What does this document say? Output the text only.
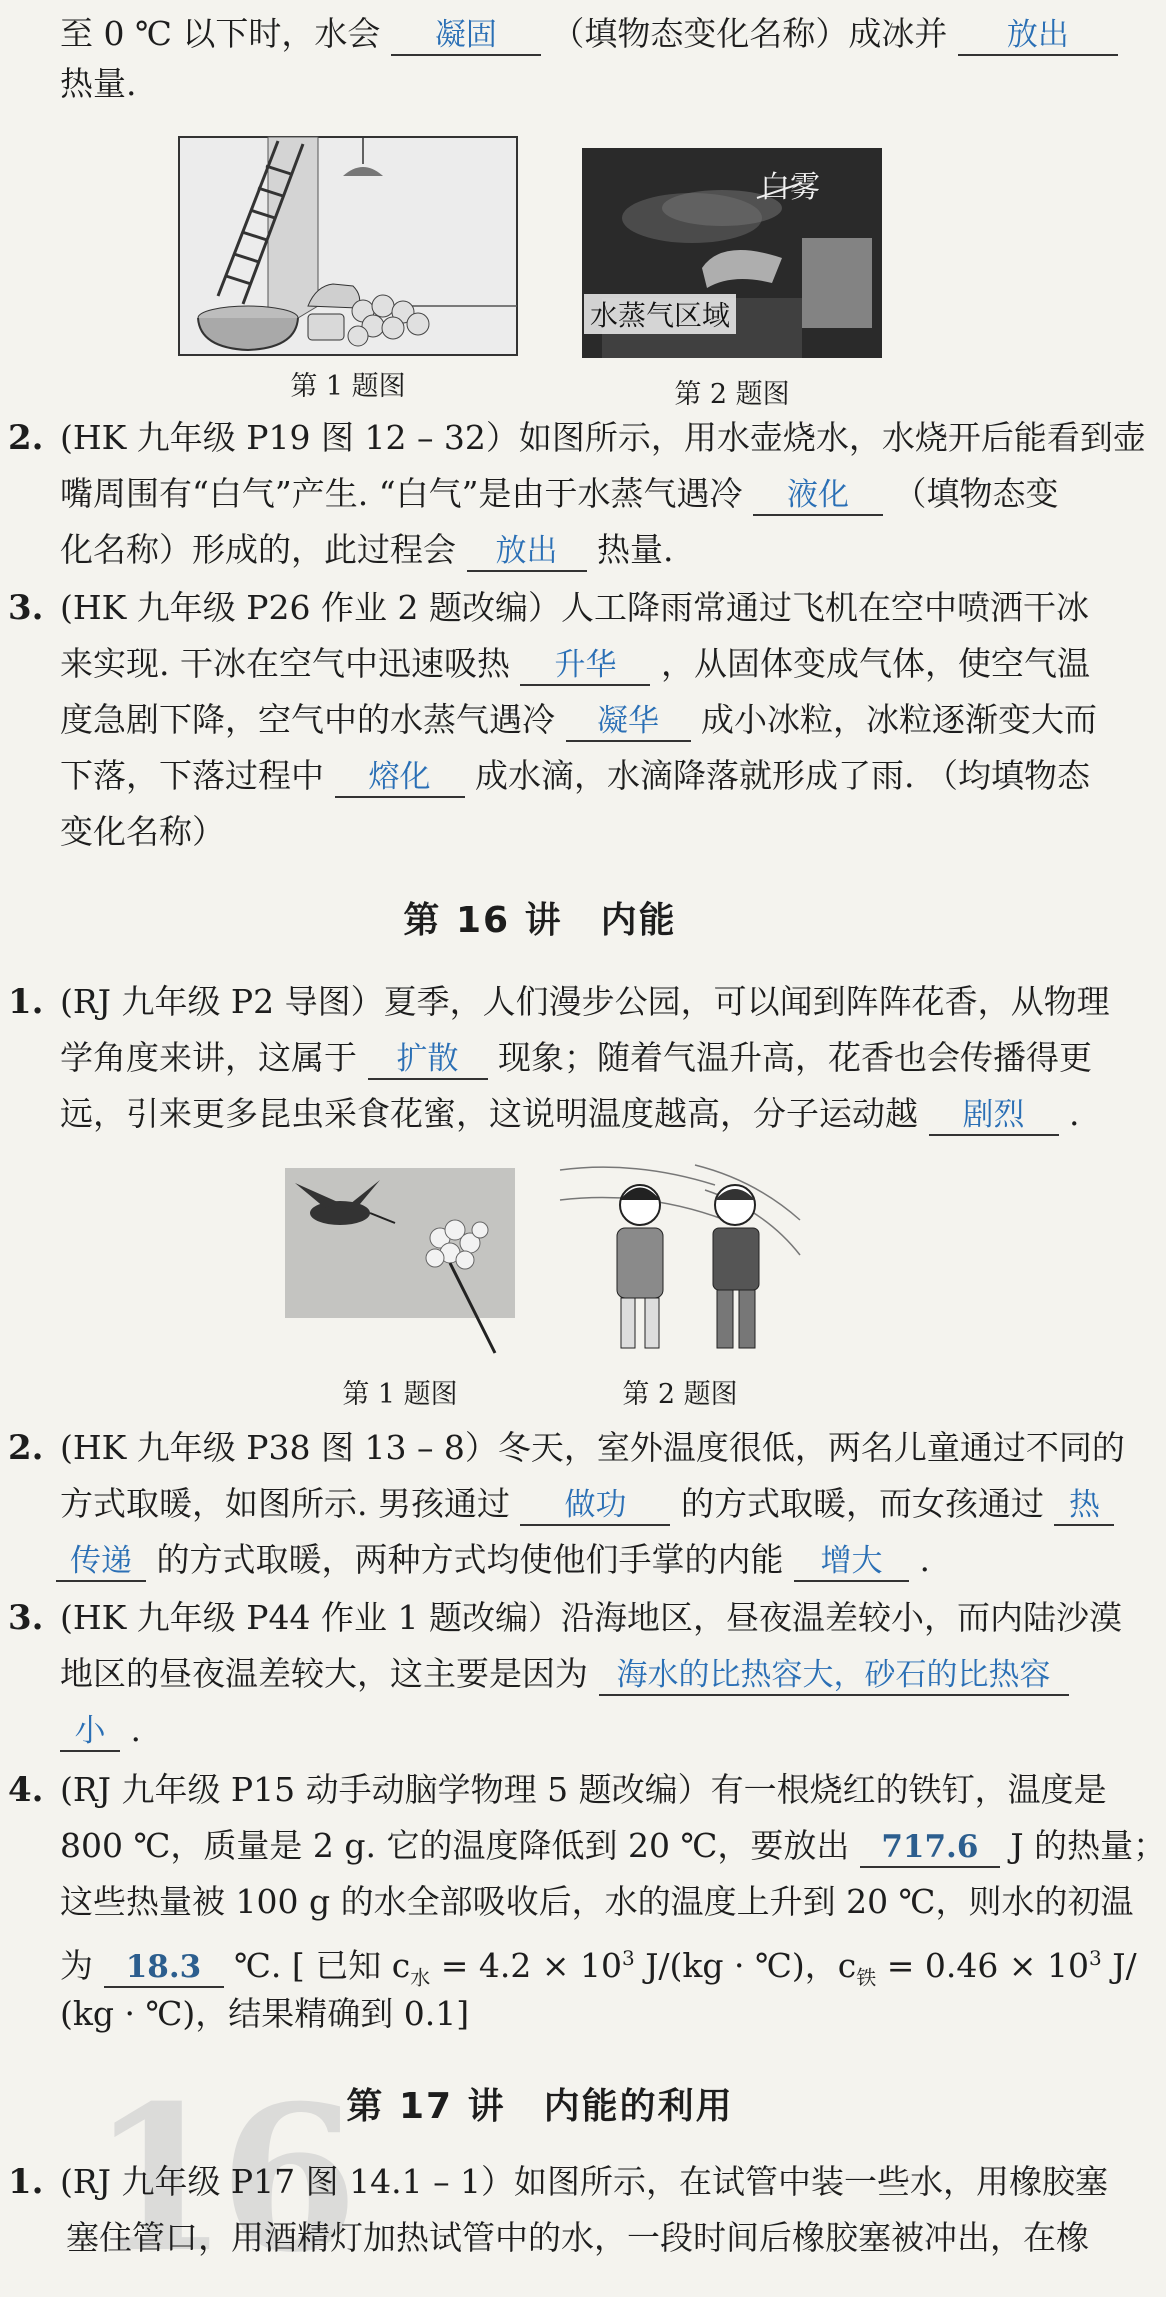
至 0 ℃ 以下时，水会 凝固 （填物态变化名称）成冰并 放出
热量.
第 1 题图
白雾
水蒸气区域
第 2 题图
2. (HK 九年级 P19 图 12 – 32）如图所示，用水壶烧水，水烧开后能看到壶
嘴周围有“白气”产生. “白气”是由于水蒸气遇冷 液化 （填物态变
化名称）形成的，此过程会 放出 热量.
3. (HK 九年级 P26 作业 2 题改编）人工降雨常通过飞机在空中喷洒干冰
来实现. 干冰在空气中迅速吸热 升华 ，从固体变成气体，使空气温
度急剧下降，空气中的水蒸气遇冷 凝华 成小冰粒，冰粒逐渐变大而
下落，下落过程中 熔化 成水滴，水滴降落就形成了雨. （均填物态
变化名称）
第 16 讲　内能
1. (RJ 九年级 P2 导图）夏季，人们漫步公园，可以闻到阵阵花香，从物理
学角度来讲，这属于 扩散 现象；随着气温升高，花香也会传播得更
远，引来更多昆虫采食花蜜，这说明温度越高，分子运动越 剧烈 .
第 1 题图	第 2 题图
2. (HK 九年级 P38 图 13 – 8）冬天，室外温度很低，两名儿童通过不同的
方式取暖，如图所示. 男孩通过 做功 的方式取暖，而女孩通过 热
传递 的方式取暖，两种方式均使他们手掌的内能 增大 .
3. (HK 九年级 P44 作业 1 题改编）沿海地区，昼夜温差较小，而内陆沙漠
地区的昼夜温差较大，这主要是因为 海水的比热容大，砂石的比热容
小 .
4. (RJ 九年级 P15 动手动脑学物理 5 题改编）有一根烧红的铁钉，温度是
800 ℃，质量是 2 g. 它的温度降低到 20 ℃，要放出 717.6 J 的热量；
这些热量被 100 g 的水全部吸收后，水的温度上升到 20 ℃，则水的初温
为 18.3 ℃. [ 已知 $c_水 = 4.2 \times 10^3$ J/(kg · ℃)，$c_铁 = 0.46 \times 10^3$ J/
(kg · ℃)，结果精确到 0.1]
16
第 17 讲　内能的利用
1. (RJ 九年级 P17 图 14.1 – 1）如图所示，在试管中装一些水，用橡胶塞
塞住管口，用酒精灯加热试管中的水，一段时间后橡胶塞被冲出，在橡
